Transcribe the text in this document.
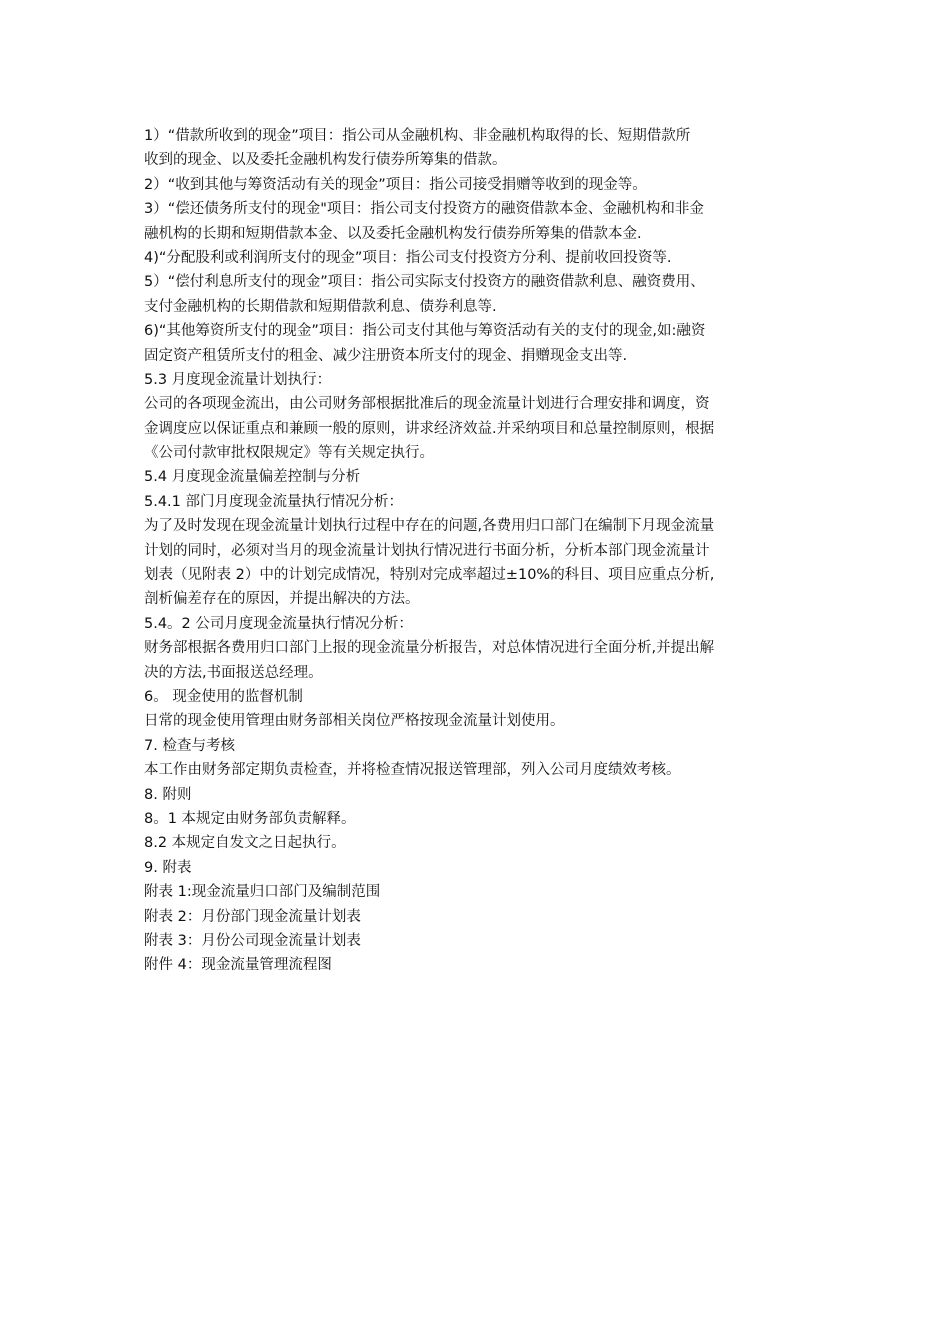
1）“借款所收到的现金”项目：指公司从金融机构、非金融机构取得的长、短期借款所
收到的现金、以及委托金融机构发行债券所筹集的借款。
2）“收到其他与筹资活动有关的现金”项目：指公司接受捐赠等收到的现金等。
3）“偿还债务所支付的现金"项目：指公司支付投资方的融资借款本金、金融机构和非金
融机构的长期和短期借款本金、以及委托金融机构发行债券所筹集的借款本金.
4)“分配股利或利润所支付的现金”项目：指公司支付投资方分利、提前收回投资等.
5）“偿付利息所支付的现金”项目：指公司实际支付投资方的融资借款利息、融资费用、
支付金融机构的长期借款和短期借款利息、债券利息等.
6)“其他筹资所支付的现金”项目：指公司支付其他与筹资活动有关的支付的现金,如:融资
固定资产租赁所支付的租金、减少注册资本所支付的现金、捐赠现金支出等.
5.3 月度现金流量计划执行：
公司的各项现金流出，由公司财务部根据批准后的现金流量计划进行合理安排和调度，资
金调度应以保证重点和兼顾一般的原则，讲求经济效益.并采纳项目和总量控制原则，根据
《公司付款审批权限规定》等有关规定执行。
5.4 月度现金流量偏差控制与分析
5.4.1 部门月度现金流量执行情况分析：
为了及时发现在现金流量计划执行过程中存在的问题,各费用归口部门在编制下月现金流量
计划的同时，必须对当月的现金流量计划执行情况进行书面分析，分析本部门现金流量计
划表（见附表 2）中的计划完成情况，特别对完成率超过±10%的科目、项目应重点分析,
剖析偏差存在的原因，并提出解决的方法。
5.4。2 公司月度现金流量执行情况分析：
财务部根据各费用归口部门上报的现金流量分析报告，对总体情况进行全面分析,并提出解
决的方法,书面报送总经理。
6。 现金使用的监督机制
日常的现金使用管理由财务部相关岗位严格按现金流量计划使用。
7. 检查与考核
本工作由财务部定期负责检查，并将检查情况报送管理部，列入公司月度绩效考核。
8. 附则
8。1 本规定由财务部负责解释。
8.2 本规定自发文之日起执行。
9. 附表
附表 1:现金流量归口部门及编制范围
附表 2：月份部门现金流量计划表
附表 3：月份公司现金流量计划表
附件 4：现金流量管理流程图
